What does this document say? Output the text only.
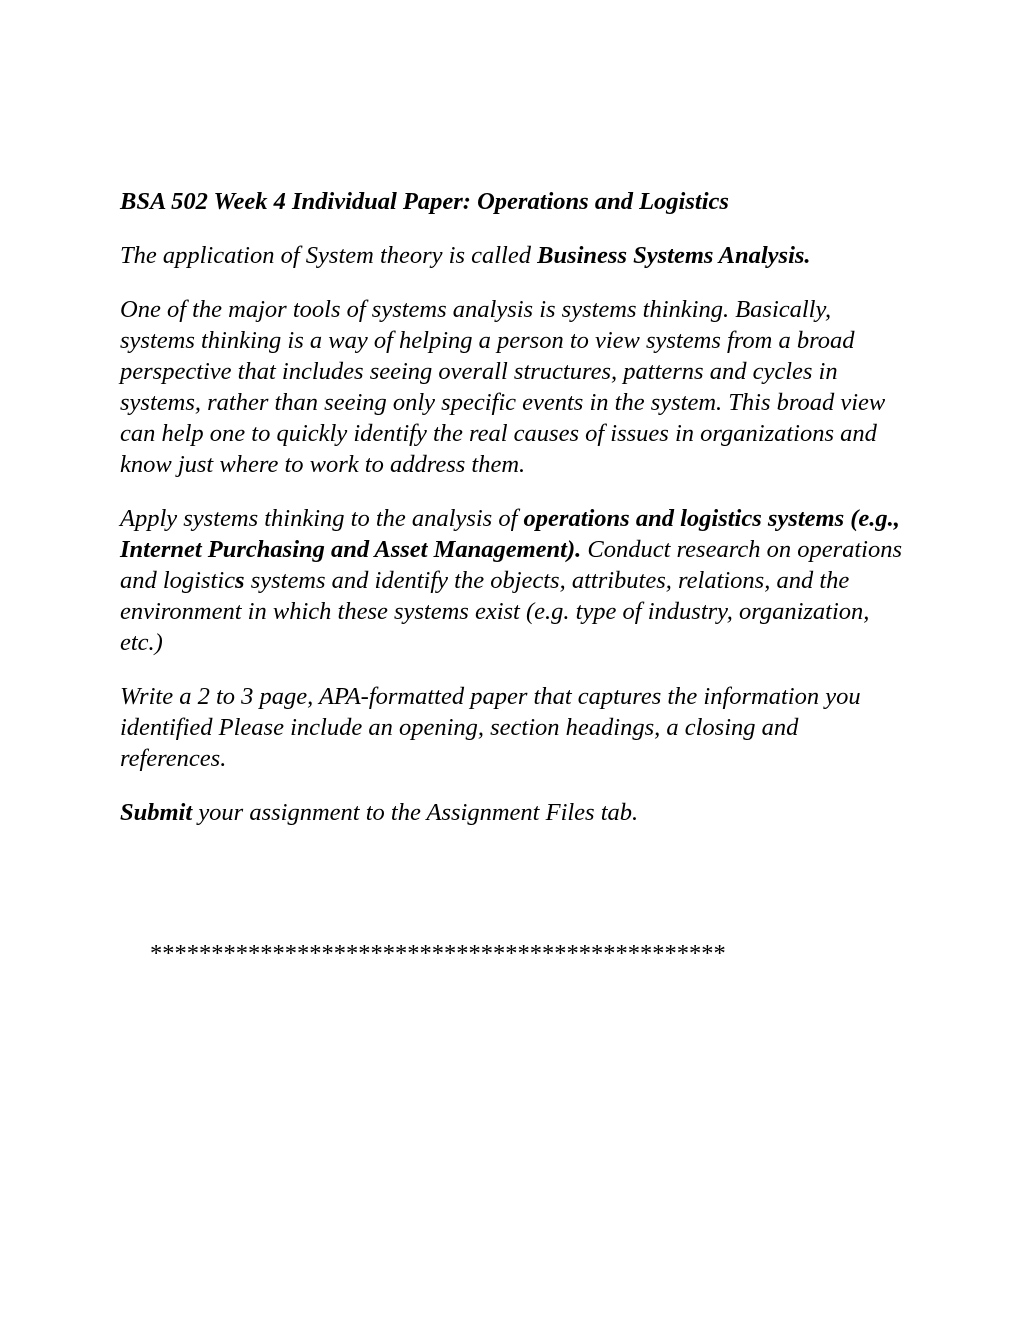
BSA 502 Week 4 Individual Paper: Operations and Logistics

The application of System theory is called Business Systems Analysis.

One of the major tools of systems analysis is systems thinking. Basically, systems thinking is a way of helping a person to view systems from a broad perspective that includes seeing overall structures, patterns and cycles in systems, rather than seeing only specific events in the system. This broad view can help one to quickly identify the real causes of issues in organizations and know just where to work to address them.

Apply systems thinking to the analysis of operations and logistics systems (e.g., Internet Purchasing and Asset Management). Conduct research on operations and logistics systems and identify the objects, attributes, relations, and the environment in which these systems exist (e.g. type of industry, organization, etc.)

Write a 2 to 3 page, APA-formatted paper that captures the information you identified Please include an opening, section headings, a closing and references.

Submit your assignment to the Assignment Files tab.

***********************************************
